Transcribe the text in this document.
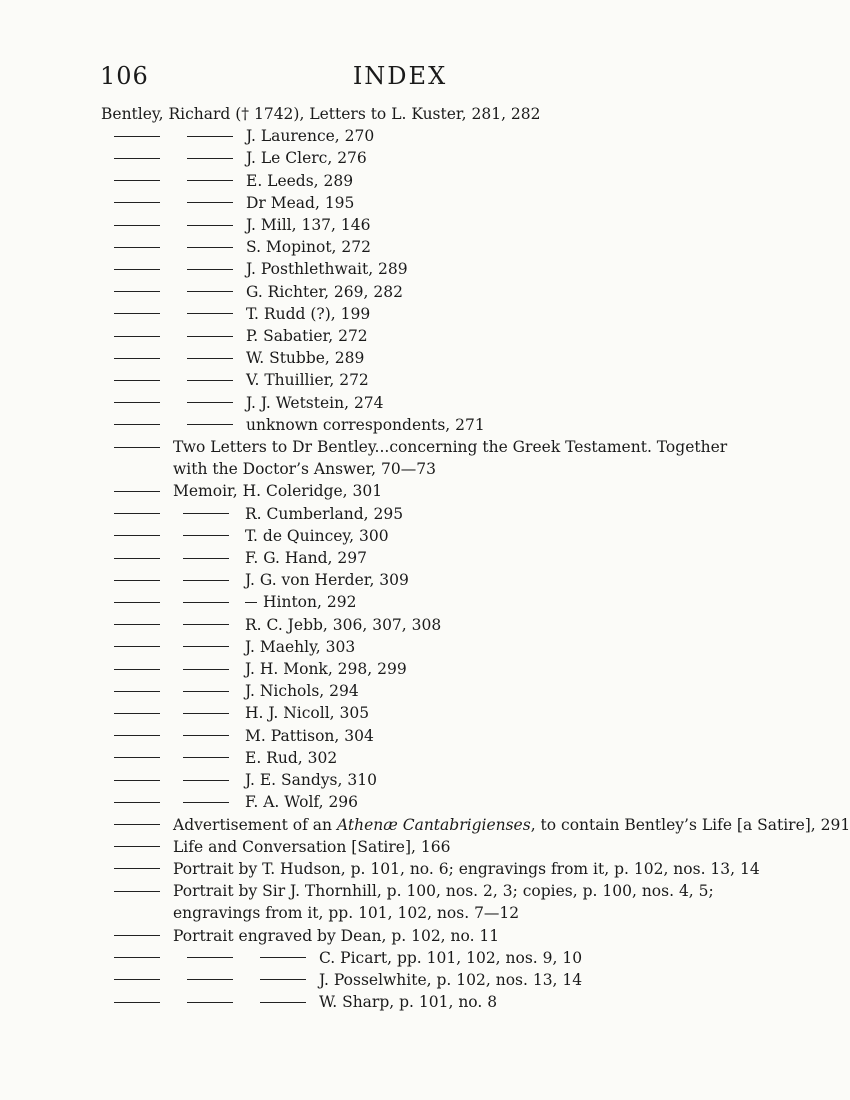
106	INDEX
Bentley, Richard († 1742), Letters to L. Kuster, 281, 282
J. Laurence, 270
J. Le Clerc, 276
E. Leeds, 289
Dr Mead, 195
J. Mill, 137, 146
S. Mopinot, 272
J. Posthlethwait, 289
G. Richter, 269, 282
T. Rudd (?), 199
P. Sabatier, 272
W. Stubbe, 289
V. Thuillier, 272
J. J. Wetstein, 274
unknown correspondents, 271
Two Letters to Dr Bentley...concerning the Greek Testament. Together with the Doctor’s Answer, 70—73
Memoir, H. Coleridge, 301
R. Cumberland, 295
T. de Quincey, 300
F. G. Hand, 297
J. G. von Herder, 309
Hinton, 292
R. C. Jebb, 306, 307, 308
J. Maehly, 303
J. H. Monk, 298, 299
J. Nichols, 294
H. J. Nicoll, 305
M. Pattison, 304
E. Rud, 302
J. E. Sandys, 310
F. A. Wolf, 296
Advertisement of an Athenæ Cantabrigienses, to contain Bentley’s Life [a Satire], 291
Life and Conversation [Satire], 166
Portrait by T. Hudson, p. 101, no. 6; engravings from it, p. 102, nos. 13, 14
Portrait by Sir J. Thornhill, p. 100, nos. 2, 3; copies, p. 100, nos. 4, 5; engravings from it, pp. 101, 102, nos. 7—12
Portrait engraved by Dean, p. 102, no. 11
C. Picart, pp. 101, 102, nos. 9, 10
J. Posselwhite, p. 102, nos. 13, 14
W. Sharp, p. 101, no. 8
